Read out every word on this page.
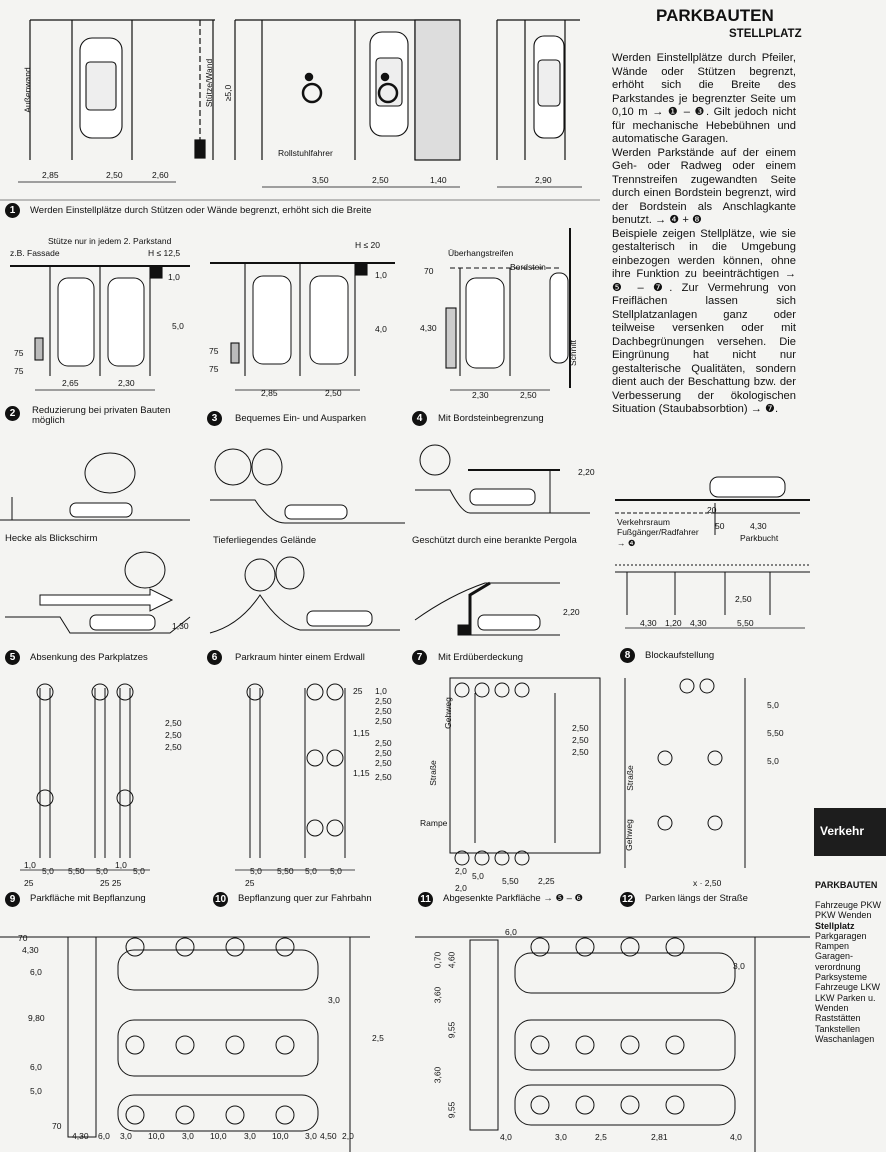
PARKBAUTEN
STELLPLATZ

Werden Einstellplätze durch Pfeiler, Wände oder Stützen begrenzt, erhöht sich die Breite des Parkstandes je begrenzter Seite um 0,10 m → ❶ – ❸. Gilt jedoch nicht für mechanische Hebebühnen und automatische Garagen.

Werden Parkstände auf der einem Geh- oder Radweg oder einem Trennstreifen zugewandten Seite durch einen Bordstein begrenzt, wird der Bordstein als Anschlagkante benutzt. → ❹ + ❽

Beispiele zeigen Stellplätze, wie sie gestalterisch in die Umgebung einbezogen werden können, ohne ihre Funktion zu beeinträchtigen → ❺ – ❼. Zur Vermehrung von Freiflächen lassen sich Stellplatzanlagen ganz oder teilweise versenken oder mit Dachbegrünungen versehen. Die Eingrünung hat nicht nur gestalterische Qualitäten, sondern dient auch der Beschattung bzw. der Verbesserung der ökologischen Situation (Staubabsorbtion) → ❼.

Verkehr
PARKBAUTEN
Fahrzeuge PKW
PKW Wenden
Stellplatz
Parkgaragen
Rampen
Garagen-
verordnung
Parksysteme
Fahrzeuge LKW
LKW Parken u.
Wenden
Raststätten
Tankstellen
Waschanlagen
Außenwand	Stütze/Wand ≥5,0
Rollstuhlfahrer
2,85	2,50	2,60	3,50	2,50	1,40	2,90
1	Werden Einstellplätze durch Stützen oder Wände begrenzt, erhöht sich die Breite
z.B. Fassade
Stütze nur in jedem 2. Parkstand
H ≤ 12,5
1,0
5,0
75
75
2,65	2,30
2	Reduzierung bei privaten Bauten möglich
H ≤ 20
1,0
4,0
75
75
2,85	2,50
3	Bequemes Ein- und Ausparken
Überhangstreifen
Bordstein
70
4,30
2,30	2,50
Schnitt
4	Mit Bordsteinbegrenzung
Hecke als Blickschirm	Tieferliegendes Gelände
2,20
Geschützt durch eine berankte Pergola
20
50	4,30
Verkehrsraum
Fußgänger/Radfahrer
→ ❹	Parkbucht
1,30
5	Absenkung des Parkplatzes	6	Parkraum hinter einem Erdwall
2,20
7	Mit Erdüberdeckung
2,50
4,30 1,20 4,30	5,50
8	Blockaufstellung
2,50
2,50
2,50
1,0
5,0 5,50 5,0
1,0
5,0
25	25 25
9	Parkfläche mit Bepflanzung
25 1,0
2,50
2,50
2,50
1,15
2,50
2,50
2,50
1,15 2,50
5,0 5,50 5,0 5,0
25
10 Bepflanzung quer zur Fahrbahn
Gehweg
Straße
Rampe
2,50
2,50
2,50
2,0 5,0 5,50 2,25
2,0
11 Abgesenkte Parkfläche → ❺ – ❻
Straße
Gehweg
5,0
5,50
5,0
x · 2,50
12 Parken längs der Straße
70
4,30
6,0
9,80
6,0
5,0
70
4,30 6,0 3,0 10,0 3,0 10,0 3,0 10,0 3,0 4,50 2,0
3,0
2,5
4,60
0,70
3,60
9,55
3,60
9,55
6,0
3,0
4,0	3,0	2,5	2,81	4,0
